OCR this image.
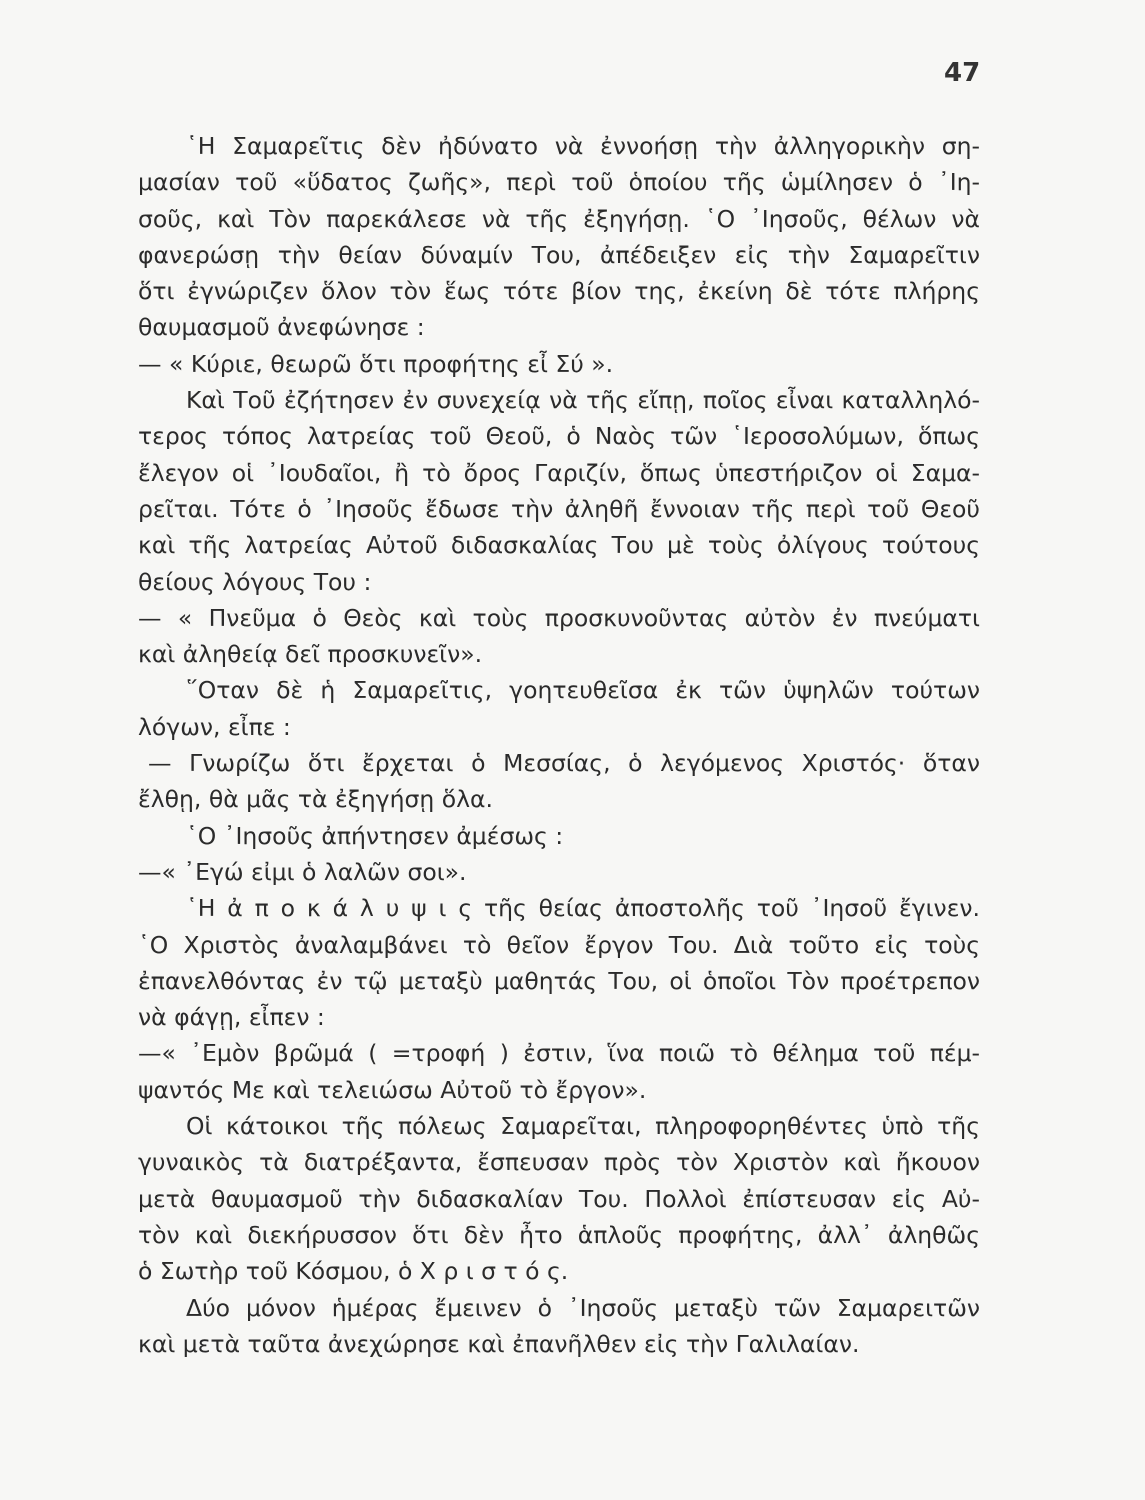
47
῾Η Σαμαρεῖτις δὲν ἠδύνατο νὰ ἐννοήσῃ τὴν ἀλληγορικὴν ση-
μασίαν τοῦ «ὕδατος ζωῆς», περὶ τοῦ ὁποίου τῆς ὡμίλησεν ὁ ᾿Ιη-
σοῦς, καὶ Τὸν παρεκάλεσε νὰ τῆς ἐξηγήσῃ. ῾Ο ᾿Ιησοῦς, θέλων νὰ
φανερώσῃ τὴν θείαν δύναμίν Του, ἀπέδειξεν εἰς τὴν Σαμαρεῖτιν
ὅτι ἐγνώριζεν ὅλον τὸν ἕως τότε βίον της, ἐκείνη δὲ τότε πλήρης
θαυμασμοῦ ἀνεφώνησε :
— « Κύριε, θεωρῶ ὅτι προφήτης εἶ Σύ ».
Καὶ Τοῦ ἐζήτησεν ἐν συνεχείᾳ νὰ τῆς εἴπῃ, ποῖος εἶναι καταλληλό-
τερος τόπος λατρείας τοῦ Θεοῦ, ὁ Ναὸς τῶν ῾Ιεροσολύμων, ὅπως
ἔλεγον οἱ ᾿Ιουδαῖοι, ἢ τὸ ὄρος Γαριζίν, ὅπως ὑπεστήριζον οἱ Σαμα-
ρεῖται. Τότε ὁ ᾿Ιησοῦς ἔδωσε τὴν ἀληθῆ ἔννοιαν τῆς περὶ τοῦ Θεοῦ
καὶ τῆς λατρείας Αὐτοῦ διδασκαλίας Του μὲ τοὺς ὀλίγους τούτους
θείους λόγους Του :
— « Πνεῦμα ὁ Θεὸς καὶ τοὺς προσκυνοῦντας αὐτὸν ἐν πνεύματι
καὶ ἀληθείᾳ δεῖ προσκυνεῖν».
῞Οταν δὲ ἡ Σαμαρεῖτις, γοητευθεῖσα ἐκ τῶν ὑψηλῶν τούτων
λόγων, εἶπε :
— Γνωρίζω ὅτι ἔρχεται ὁ Μεσσίας, ὁ λεγόμενος Χριστός· ὅταν
ἔλθῃ, θὰ μᾶς τὰ ἐξηγήσῃ ὅλα.
῾Ο ᾿Ιησοῦς ἀπήντησεν ἀμέσως :
—« ᾿Εγώ εἰμι ὁ λαλῶν σοι».
῾Η ἀ π ο κ ά λ υ ψ ι ς τῆς θείας ἀποστολῆς τοῦ ᾿Ιησοῦ ἔγινεν.
῾Ο Χριστὸς ἀναλαμβάνει τὸ θεῖον ἔργον Του. Διὰ τοῦτο εἰς τοὺς
ἐπανελθόντας ἐν τῷ μεταξὺ μαθητάς Του, οἱ ὁποῖοι Τὸν προέτρεπον
νὰ φάγῃ, εἶπεν :
—« ᾿Εμὸν βρῶμά ( =τροφή ) ἐστιν, ἵνα ποιῶ τὸ θέλημα τοῦ πέμ-
ψαντός Με καὶ τελειώσω Αὐτοῦ τὸ ἔργον».
Οἱ κάτοικοι τῆς πόλεως Σαμαρεῖται, πληροφορηθέντες ὑπὸ τῆς
γυναικὸς τὰ διατρέξαντα, ἔσπευσαν πρὸς τὸν Χριστὸν καὶ ἤκουον
μετὰ θαυμασμοῦ τὴν διδασκαλίαν Του. Πολλοὶ ἐπίστευσαν εἰς Αὐ-
τὸν καὶ διεκήρυσσον ὅτι δὲν ἦτο ἁπλοῦς προφήτης, ἀλλ᾿ ἀληθῶς
ὁ Σωτὴρ τοῦ Κόσμου, ὁ Χ ρ ι σ τ ό ς.
Δύο μόνον ἡμέρας ἔμεινεν ὁ ᾿Ιησοῦς μεταξὺ τῶν Σαμαρειτῶν
καὶ μετὰ ταῦτα ἀνεχώρησε καὶ ἐπανῆλθεν εἰς τὴν Γαλιλαίαν.
